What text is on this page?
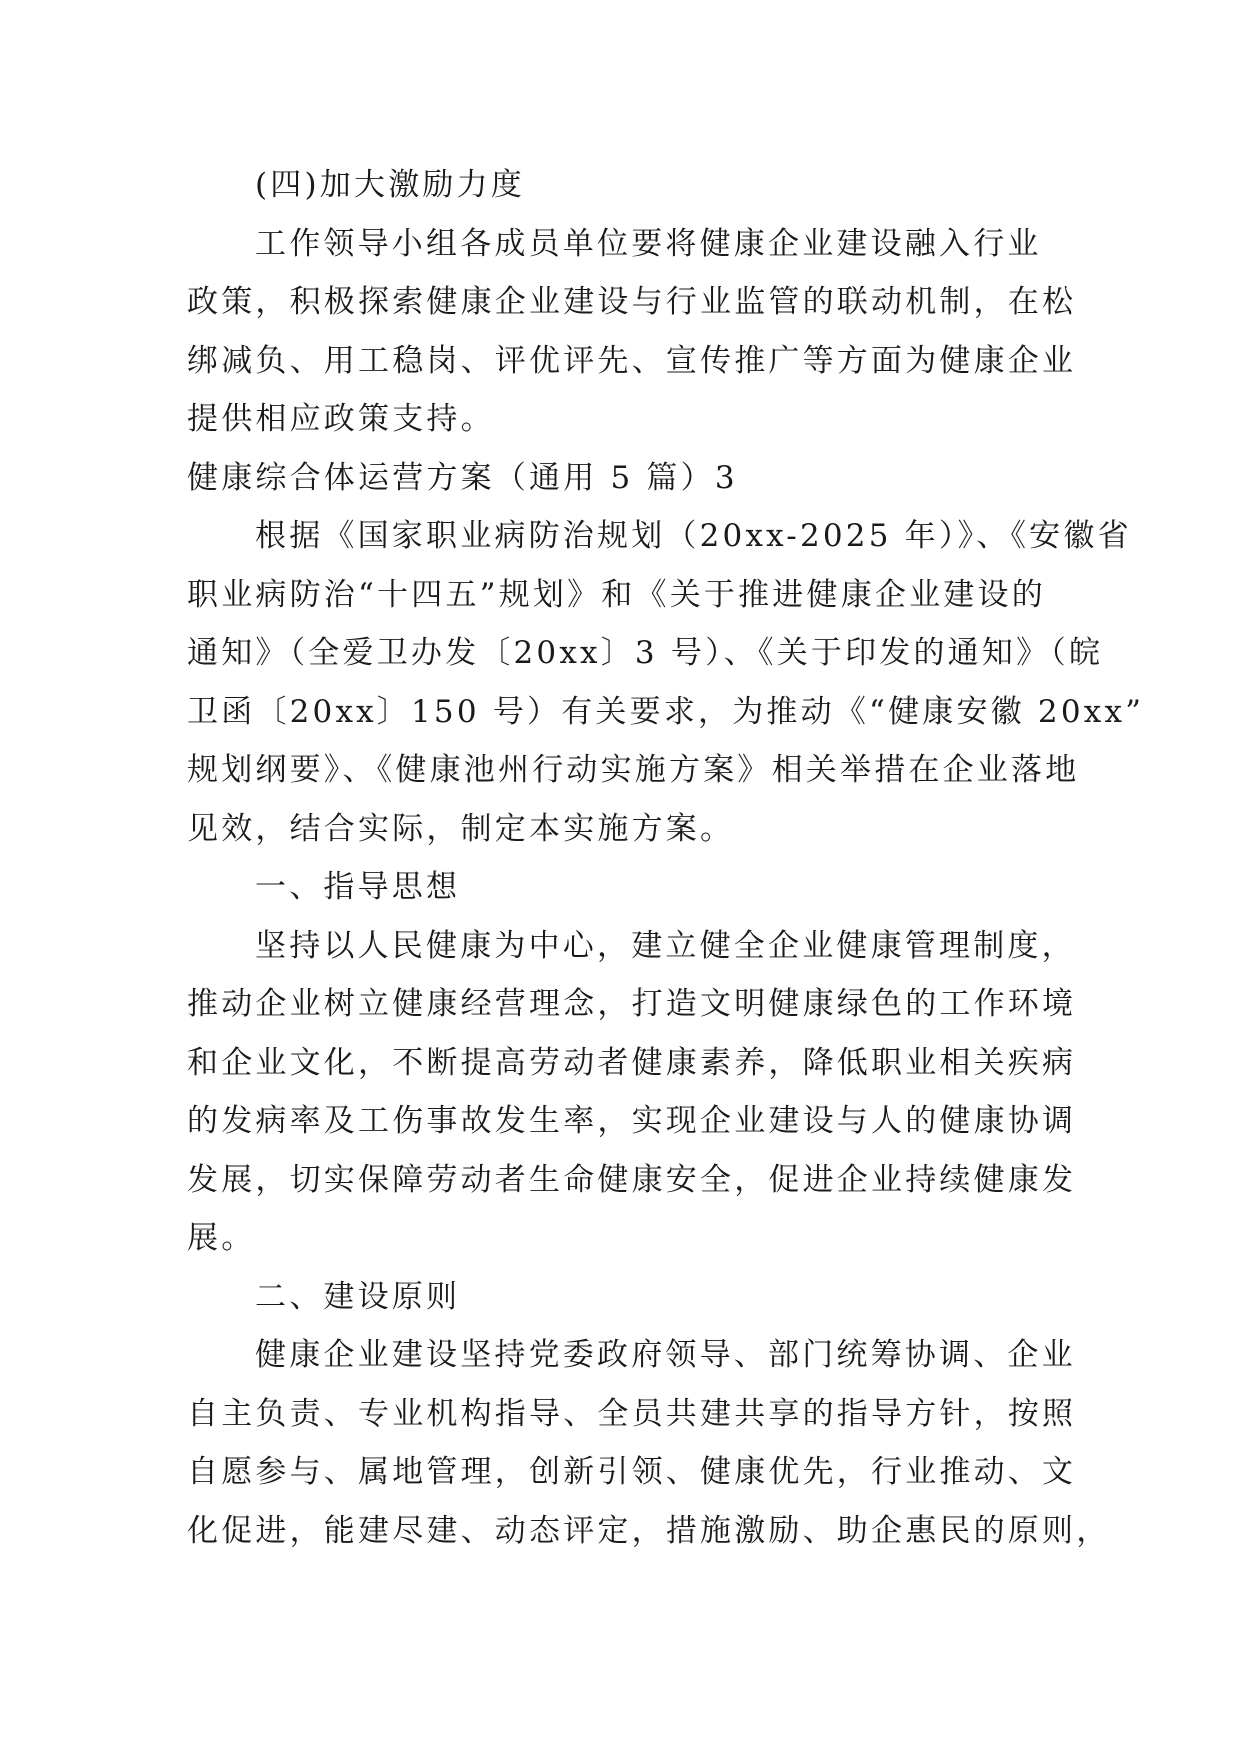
(四)加大激励力度
工作领导小组各成员单位要将健康企业建设融入行业
政策，积极探索健康企业建设与行业监管的联动机制，在松
绑减负、用工稳岗、评优评先、宣传推广等方面为健康企业
提供相应政策支持。
健康综合体运营方案（通用 5 篇）3
根据《国家职业病防治规划（20xx-2025 年）》、《安徽省
职业病防治“十四五”规划》和《关于推进健康企业建设的
通知》（全爱卫办发〔20xx〕3 号）、《关于印发的通知》（皖
卫函〔20xx〕150 号）有关要求，为推动《“健康安徽 20xx”
规划纲要》、《健康池州行动实施方案》相关举措在企业落地
见效，结合实际，制定本实施方案。
一、指导思想
坚持以人民健康为中心，建立健全企业健康管理制度，
推动企业树立健康经营理念，打造文明健康绿色的工作环境
和企业文化，不断提高劳动者健康素养，降低职业相关疾病
的发病率及工伤事故发生率，实现企业建设与人的健康协调
发展，切实保障劳动者生命健康安全，促进企业持续健康发
展。
二、建设原则
健康企业建设坚持党委政府领导、部门统筹协调、企业
自主负责、专业机构指导、全员共建共享的指导方针，按照
自愿参与、属地管理，创新引领、健康优先，行业推动、文
化促进，能建尽建、动态评定，措施激励、助企惠民的原则，
